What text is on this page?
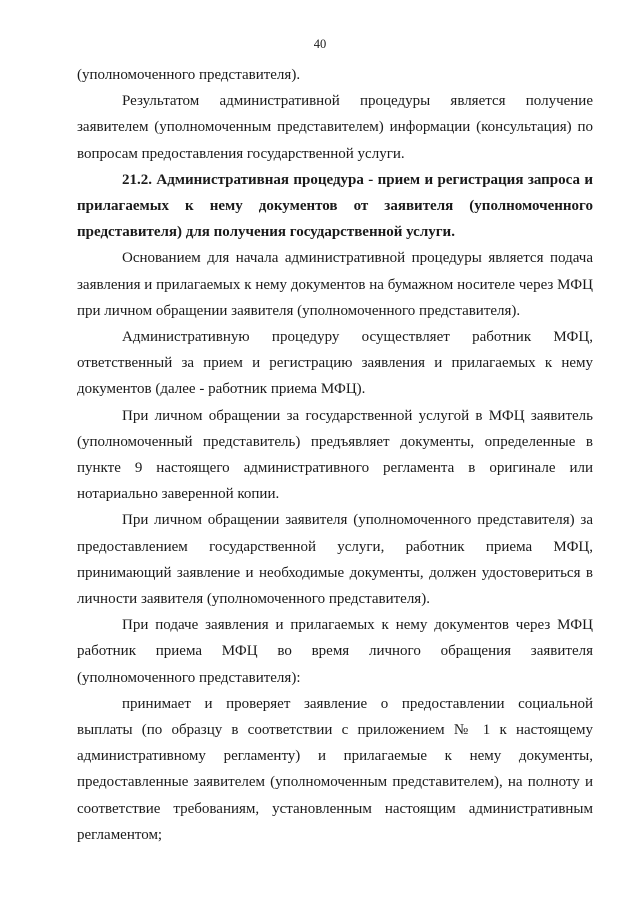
40

(уполномоченного представителя).

Результатом административной процедуры является получение заявителем (уполномоченным представителем) информации (консультация) по вопросам предоставления государственной услуги.

21.2. Административная процедура - прием и регистрация запроса и прилагаемых к нему документов от заявителя (уполномоченного представителя) для получения государственной услуги.

Основанием для начала административной процедуры является подача заявления и прилагаемых к нему документов на бумажном носителе через МФЦ при личном обращении заявителя (уполномоченного представителя).

Административную процедуру осуществляет работник МФЦ, ответственный за прием и регистрацию заявления и прилагаемых к нему документов (далее - работник приема МФЦ).

При личном обращении за государственной услугой в МФЦ заявитель (уполномоченный представитель) предъявляет документы, определенные в пункте 9 настоящего административного регламента в оригинале или нотариально заверенной копии.

При личном обращении заявителя (уполномоченного представителя) за предоставлением государственной услуги, работник приема МФЦ, принимающий заявление и необходимые документы, должен удостовериться в личности заявителя (уполномоченного представителя).

При подаче заявления и прилагаемых к нему документов через МФЦ работник приема МФЦ во время личного обращения заявителя (уполномоченного представителя):

принимает и проверяет заявление о предоставлении социальной выплаты (по образцу в соответствии с приложением № 1 к настоящему административному регламенту) и прилагаемые к нему документы, предоставленные заявителем (уполномоченным представителем), на полноту и соответствие требованиям, установленным настоящим административным регламентом;
